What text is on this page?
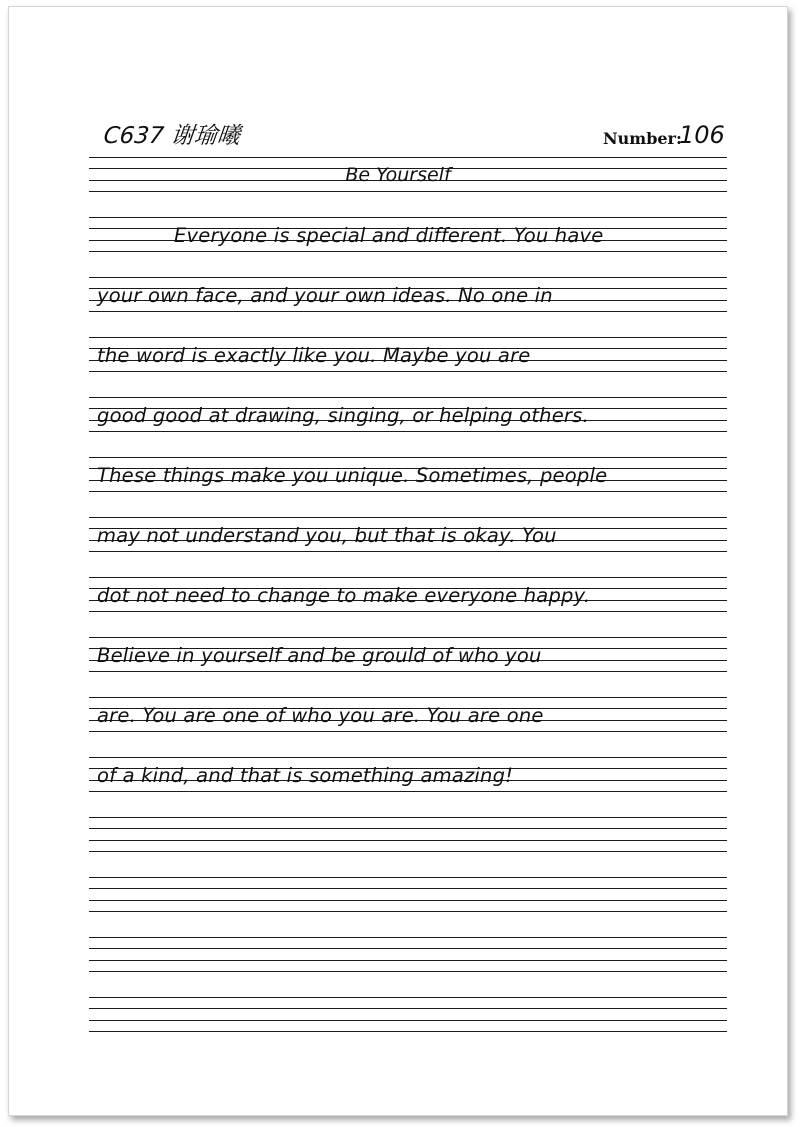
C637 谢瑜曦	Number:
106
Be Yourself
Everyone is special and different. You have
your own face, and your own ideas. No one in
the word is exactly like you. Maybe you are
good good at drawing, singing, or helping others.
These things make you unique. Sometimes, people
may not understand you, but that is okay. You
dot not need to change to make everyone happy.
Believe in yourself and be grould of who you
are. You are one of who you are. You are one
of a kind, and that is something amazing!
